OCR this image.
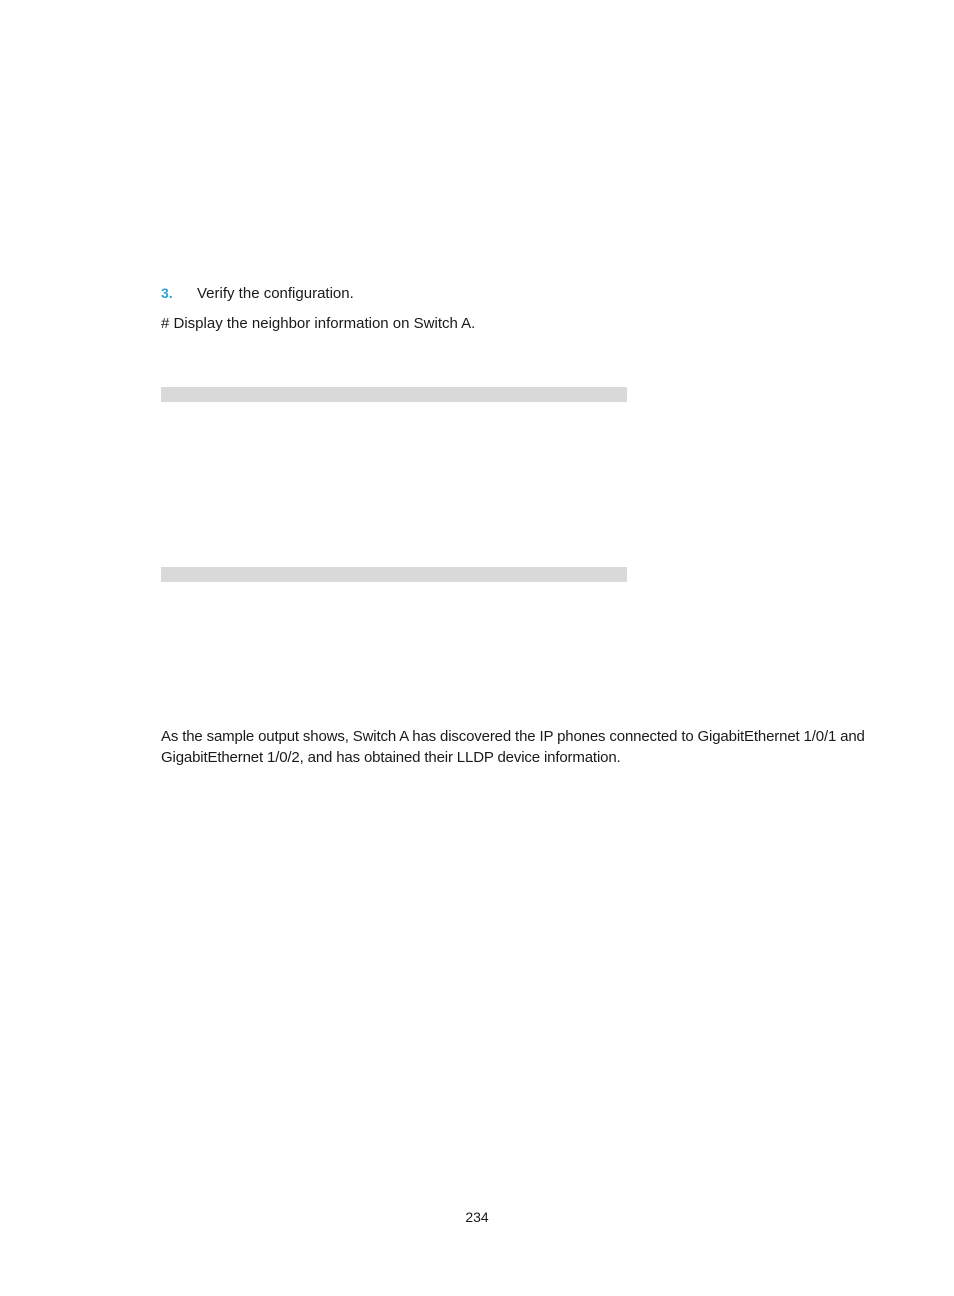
3. Verify the configuration.
# Display the neighbor information on Switch A.
As the sample output shows, Switch A has discovered the IP phones connected to GigabitEthernet 1/0/1 and GigabitEthernet 1/0/2, and has obtained their LLDP device information.
234
